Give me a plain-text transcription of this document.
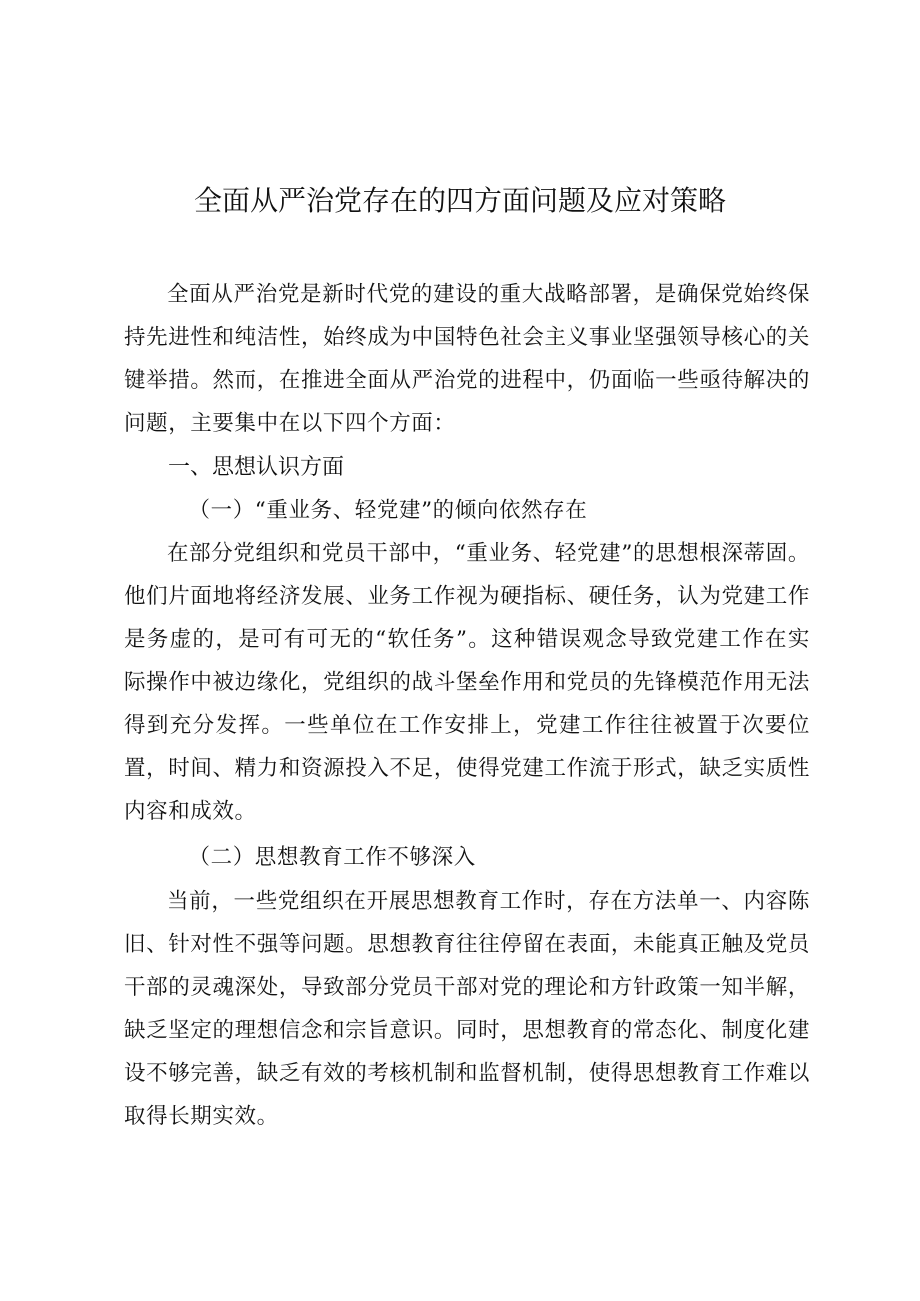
全面从严治党存在的四方面问题及应对策略

全面从严治党是新时代党的建设的重大战略部署，是确保党始终保持先进性和纯洁性，始终成为中国特色社会主义事业坚强领导核心的关键举措。然而，在推进全面从严治党的进程中，仍面临一些亟待解决的问题，主要集中在以下四个方面：

一、思想认识方面

（一）“重业务、轻党建”的倾向依然存在

在部分党组织和党员干部中，“重业务、轻党建”的思想根深蒂固。他们片面地将经济发展、业务工作视为硬指标、硬任务，认为党建工作是务虚的，是可有可无的“软任务”。这种错误观念导致党建工作在实际操作中被边缘化，党组织的战斗堡垒作用和党员的先锋模范作用无法得到充分发挥。一些单位在工作安排上，党建工作往往被置于次要位置，时间、精力和资源投入不足，使得党建工作流于形式，缺乏实质性内容和成效。

（二）思想教育工作不够深入

当前，一些党组织在开展思想教育工作时，存在方法单一、内容陈旧、针对性不强等问题。思想教育往往停留在表面，未能真正触及党员干部的灵魂深处，导致部分党员干部对党的理论和方针政策一知半解，缺乏坚定的理想信念和宗旨意识。同时，思想教育的常态化、制度化建设不够完善，缺乏有效的考核机制和监督机制，使得思想教育工作难以取得长期实效。
